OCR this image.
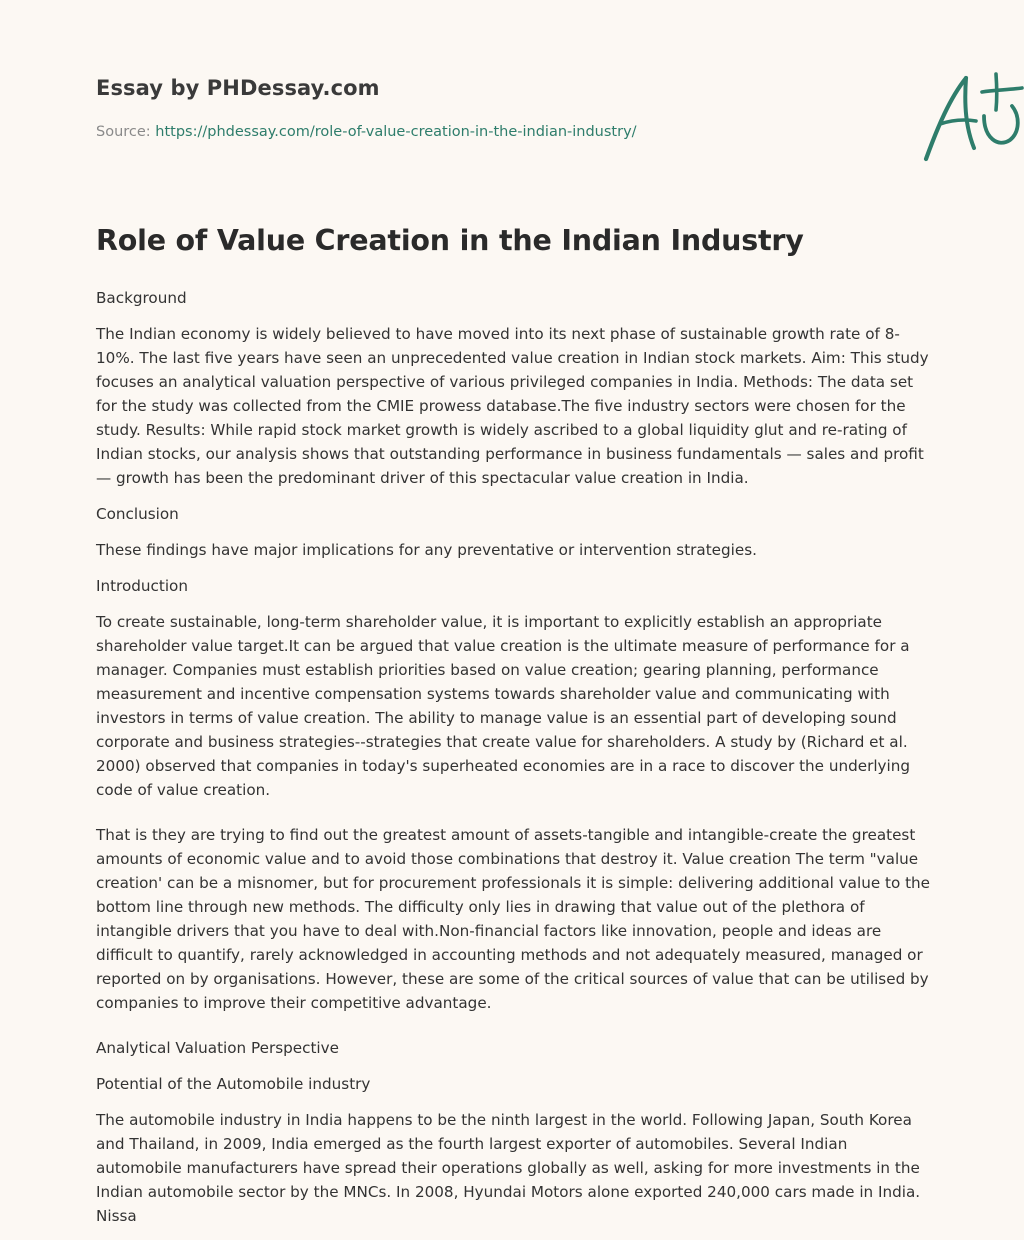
Essay by PHDessay.com
Source: https://phdessay.com/role-of-value-creation-in-the-indian-industry/
Role of Value Creation in the Indian Industry

Background

The Indian economy is widely believed to have moved into its next phase of sustainable growth rate of 8-10%. The last five years have seen an unprecedented value creation in Indian stock markets. Aim: This study focuses an analytical valuation perspective of various privileged companies in India. Methods: The data set for the study was collected from the CMIE prowess database.The five industry sectors were chosen for the study. Results: While rapid stock market growth is widely ascribed to a global liquidity glut and re-rating of Indian stocks, our analysis shows that outstanding performance in business fundamentals — sales and profit — growth has been the predominant driver of this spectacular value creation in India.

Conclusion

These findings have major implications for any preventative or intervention strategies.

Introduction

To create sustainable, long-term shareholder value, it is important to explicitly establish an appropriate shareholder value target.It can be argued that value creation is the ultimate measure of performance for a manager. Companies must establish priorities based on value creation; gearing planning, performance measurement and incentive compensation systems towards shareholder value and communicating with investors in terms of value creation. The ability to manage value is an essential part of developing sound corporate and business strategies--strategies that create value for shareholders. A study by (Richard et al. 2000) observed that companies in today's superheated economies are in a race to discover the underlying code of value creation.

That is they are trying to find out the greatest amount of assets-tangible and intangible-create the greatest amounts of economic value and to avoid those combinations that destroy it. Value creation The term "value creation' can be a misnomer, but for procurement professionals it is simple: delivering additional value to the bottom line through new methods. The difficulty only lies in drawing that value out of the plethora of intangible drivers that you have to deal with.Non-financial factors like innovation, people and ideas are difficult to quantify, rarely acknowledged in accounting methods and not adequately measured, managed or reported on by organisations. However, these are some of the critical sources of value that can be utilised by companies to improve their competitive advantage.

Analytical Valuation Perspective

Potential of the Automobile industry

The automobile industry in India happens to be the ninth largest in the world. Following Japan, South Korea and Thailand, in 2009, India emerged as the fourth largest exporter of automobiles. Several Indian automobile manufacturers have spread their operations globally as well, asking for more investments in the Indian automobile sector by the MNCs. In 2008, Hyundai Motors alone exported 240,000 cars made in India. Nissa
